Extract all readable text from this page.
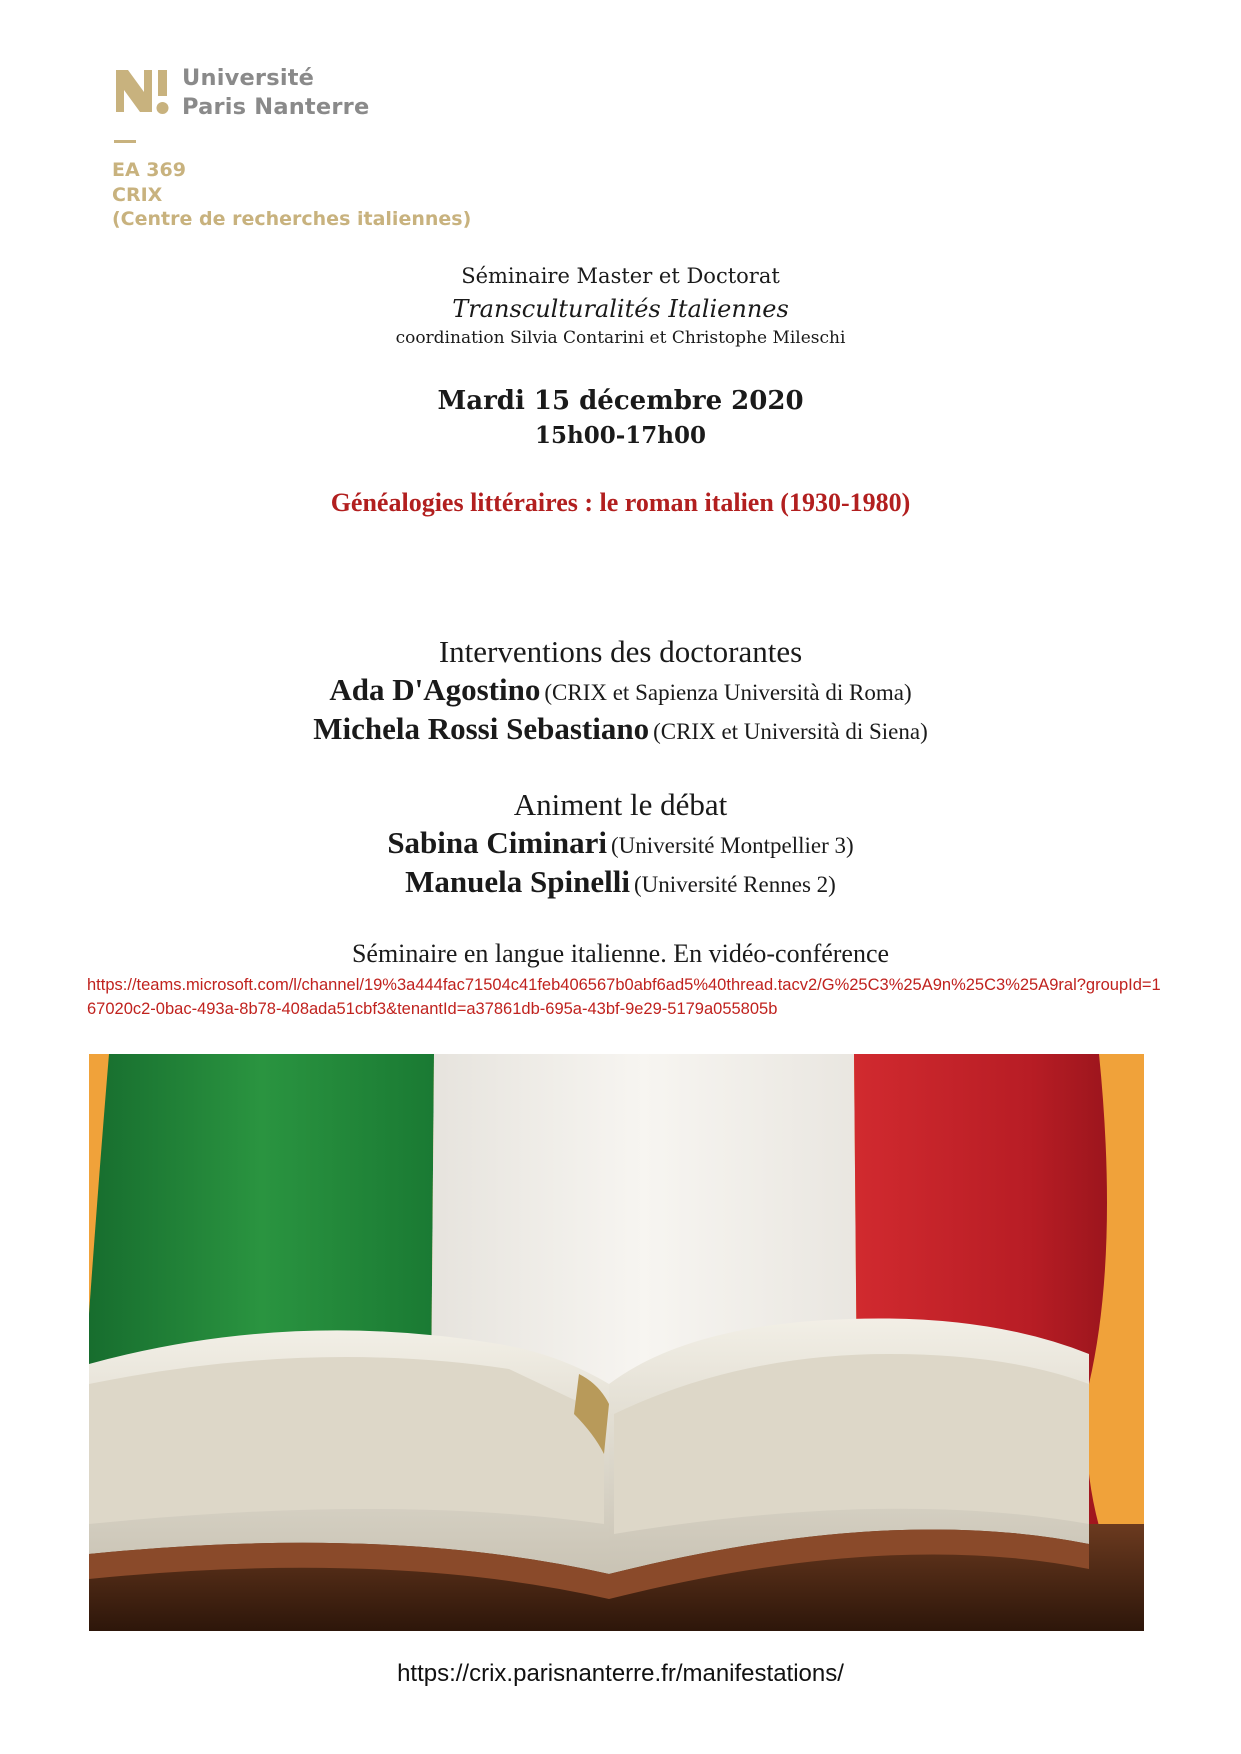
Université
Paris Nanterre
EA 369
CRIX
(Centre de recherches italiennes)
Séminaire Master et Doctorat
Transculturalités Italiennes
coordination Silvia Contarini et Christophe Mileschi
Mardi 15 décembre 2020
15h00-17h00
Généalogies littéraires : le roman italien (1930-1980)
Interventions des doctorantes
Ada D'Agostino (CRIX et Sapienza Università di Roma)
Michela Rossi Sebastiano (CRIX et Università di Siena)
Animent le débat
Sabina Ciminari (Université Montpellier 3)
Manuela Spinelli (Université Rennes 2)
Séminaire en langue italienne. En vidéo-conférence
https://teams.microsoft.com/l/channel/19%3a444fac71504c41feb406567b0abf6ad5%40thread.tacv2/G%25C3%25A9n%25C3%25A9ral?groupId=167020c2-0bac-493a-8b78-408ada51cbf3&tenantId=a37861db-695a-43bf-9e29-5179a055805b
https://crix.parisnanterre.fr/manifestations/
